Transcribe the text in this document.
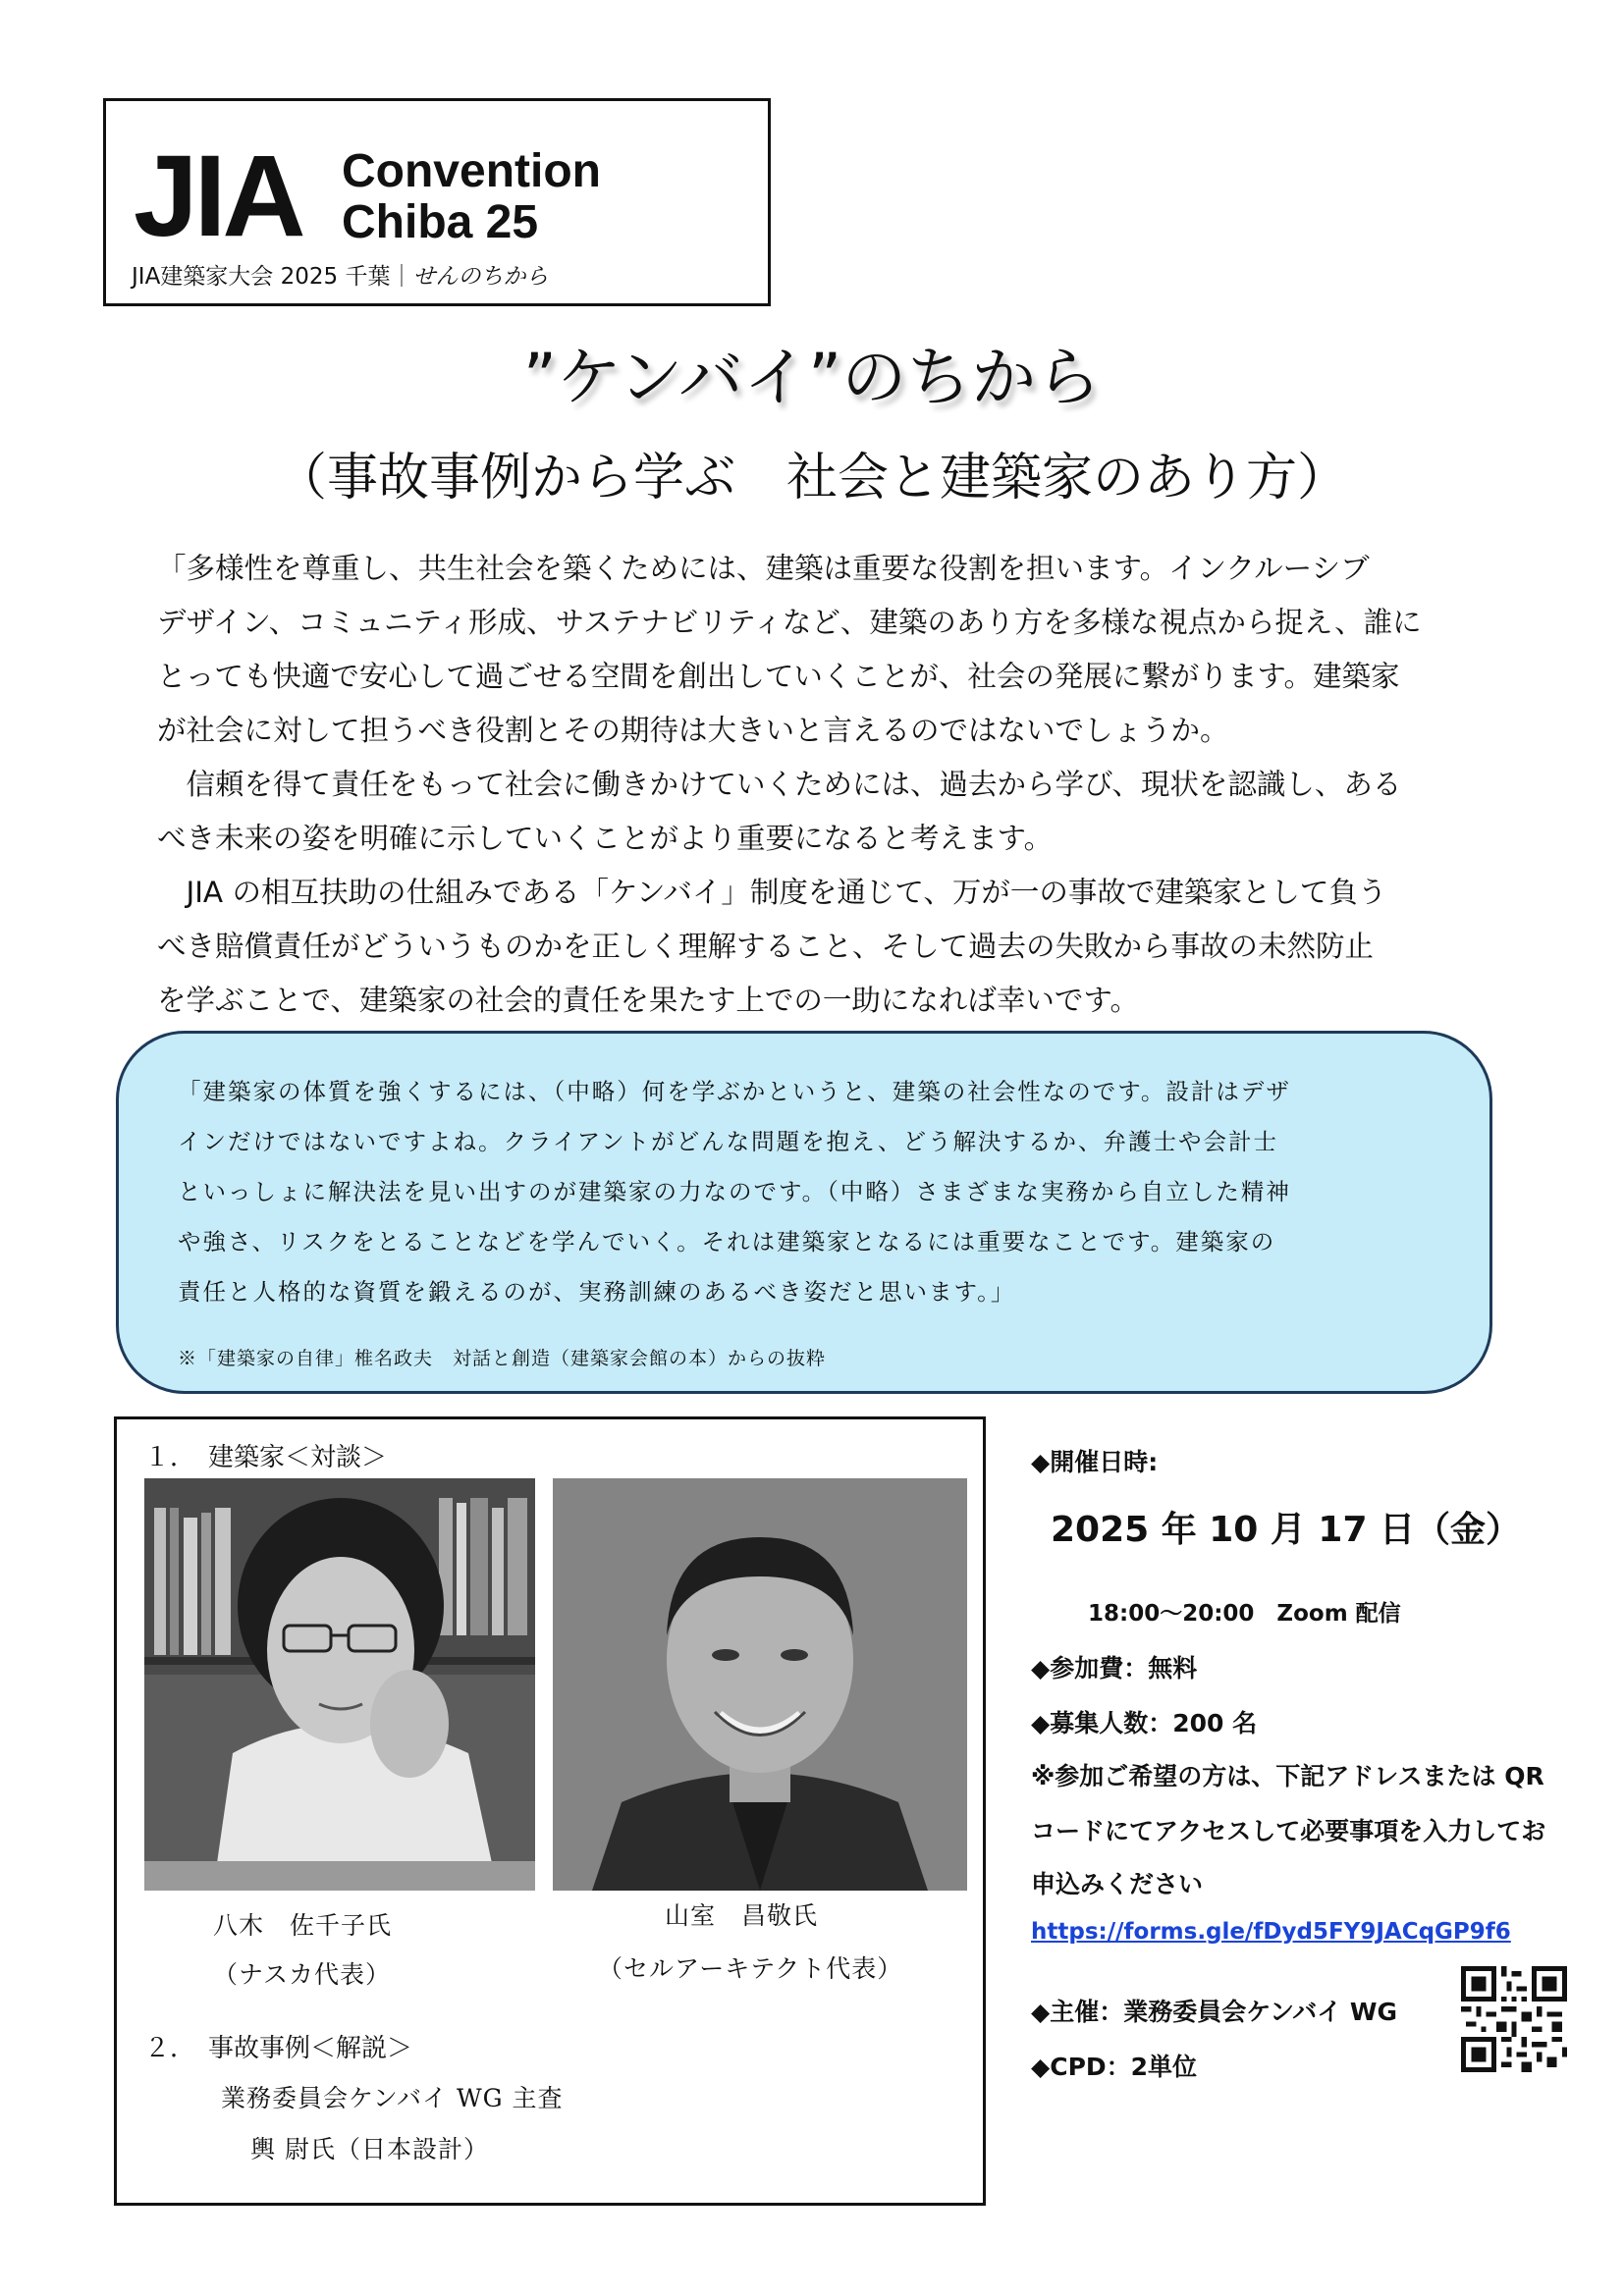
JIA Convention
Chiba 25
JIA建築家大会 2025 千葉｜せんのちから
”ケンバイ”のちから
（事故事例から学ぶ　社会と建築家のあり方）

「多様性を尊重し、共生社会を築くためには、建築は重要な役割を担います。インクルーシブ

デザイン、コミュニティ形成、サステナビリティなど、建築のあり方を多様な視点から捉え、誰に

とっても快適で安心して過ごせる空間を創出していくことが、社会の発展に繋がります。建築家

が社会に対して担うべき役割とその期待は大きいと言えるのではないでしょうか。

　信頼を得て責任をもって社会に働きかけていくためには、過去から学び、現状を認識し、ある

べき未来の姿を明確に示していくことがより重要になると考えます。

　JIA の相互扶助の仕組みである「ケンバイ」制度を通じて、万が一の事故で建築家として負う

べき賠償責任がどういうものかを正しく理解すること、そして過去の失敗から事故の未然防止

を学ぶことで、建築家の社会的責任を果たす上での一助になれば幸いです。

「建築家の体質を強くするには、（中略）何を学ぶかというと、建築の社会性なのです。設計はデザ
インだけではないですよね。クライアントがどんな問題を抱え、どう解決するか、弁護士や会計士
といっしょに解決法を見い出すのが建築家の力なのです。（中略）さまざまな実務から自立した精神
や強さ、リスクをとることなどを学んでいく。それは建築家となるには重要なことです。建築家の
責任と人格的な資質を鍛えるのが、実務訓練のあるべき姿だと思います。」
※「建築家の自律」椎名政夫　対話と創造（建築家会館の本）からの抜粋
１．　建築家＜対談＞
八木　佐千子氏
（ナスカ代表）
山室　昌敬氏
（セルアーキテクト代表）
２．　事故事例＜解説＞
業務委員会ケンバイ WG 主査
輿 尉氏（日本設計）
◆開催日時:
2025 年 10 月 17 日（金）
18:00～20:00　Zoom 配信
◆参加費：無料
◆募集人数：200 名
※参加ご希望の方は、下記アドレスまたは QR
コードにてアクセスして必要事項を入力してお
申込みください
https://forms.gle/fDyd5FY9JACqGP9f6
◆主催：業務委員会ケンバイ WG
◆CPD：2単位
